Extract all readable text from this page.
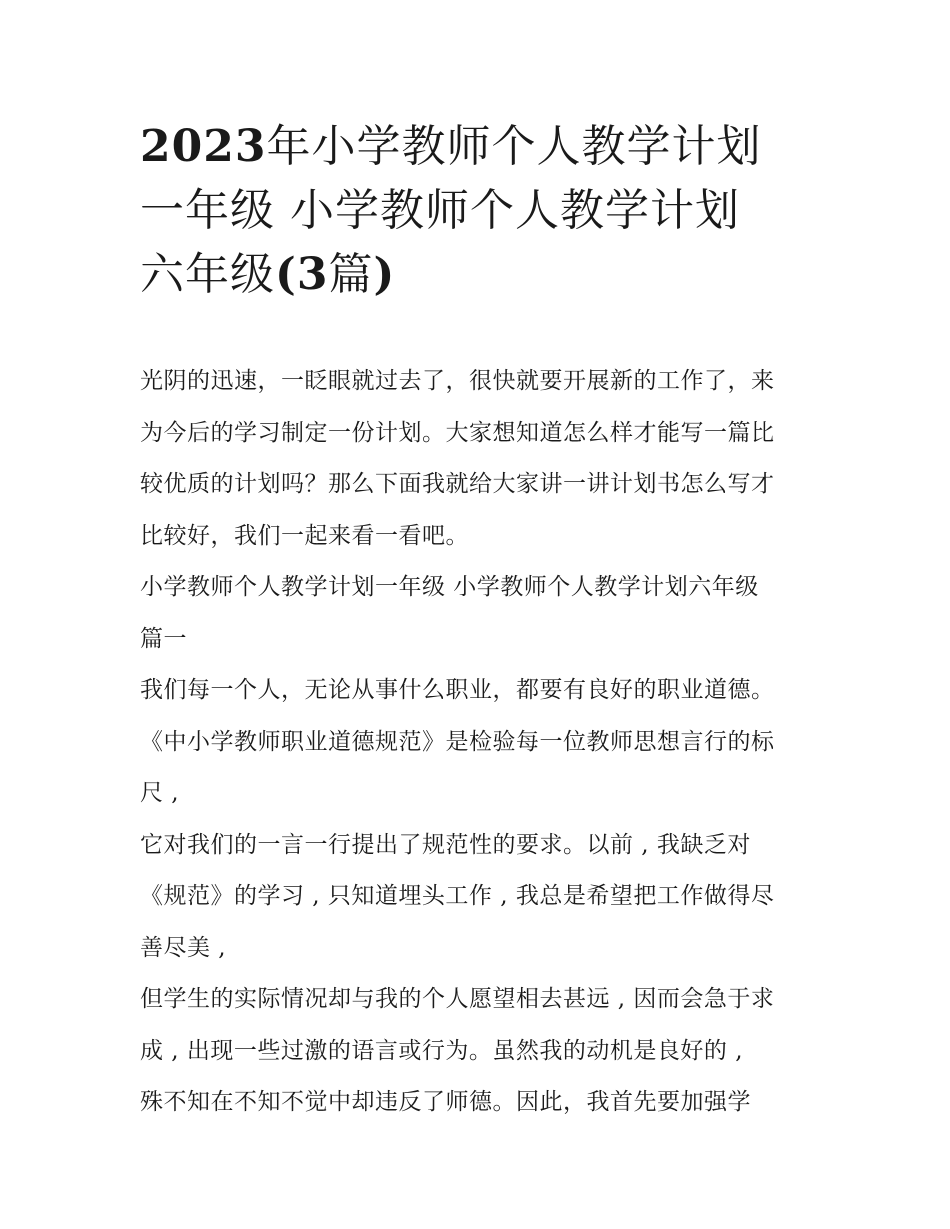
2023年小学教师个人教学计划
一年级 小学教师个人教学计划
六年级(3篇)
光阴的迅速，一眨眼就过去了，很快就要开展新的工作了，来
为今后的学习制定一份计划。大家想知道怎么样才能写一篇比
较优质的计划吗？那么下面我就给大家讲一讲计划书怎么写才
比较好，我们一起来看一看吧。
小学教师个人教学计划一年级 小学教师个人教学计划六年级
篇一
我们每一个人，无论从事什么职业，都要有良好的职业道德。
《中小学教师职业道德规范》是检验每一位教师思想言行的标
尺 ,
它对我们的一言一行提出了规范性的要求。以前 , 我缺乏对
《规范》的学习 , 只知道埋头工作 , 我总是希望把工作做得尽
善尽美 ,
但学生的实际情况却与我的个人愿望相去甚远 , 因而会急于求
成 , 出现一些过激的语言或行为。虽然我的动机是良好的 ,
殊不知在不知不觉中却违反了师德。因此，我首先要加强学
